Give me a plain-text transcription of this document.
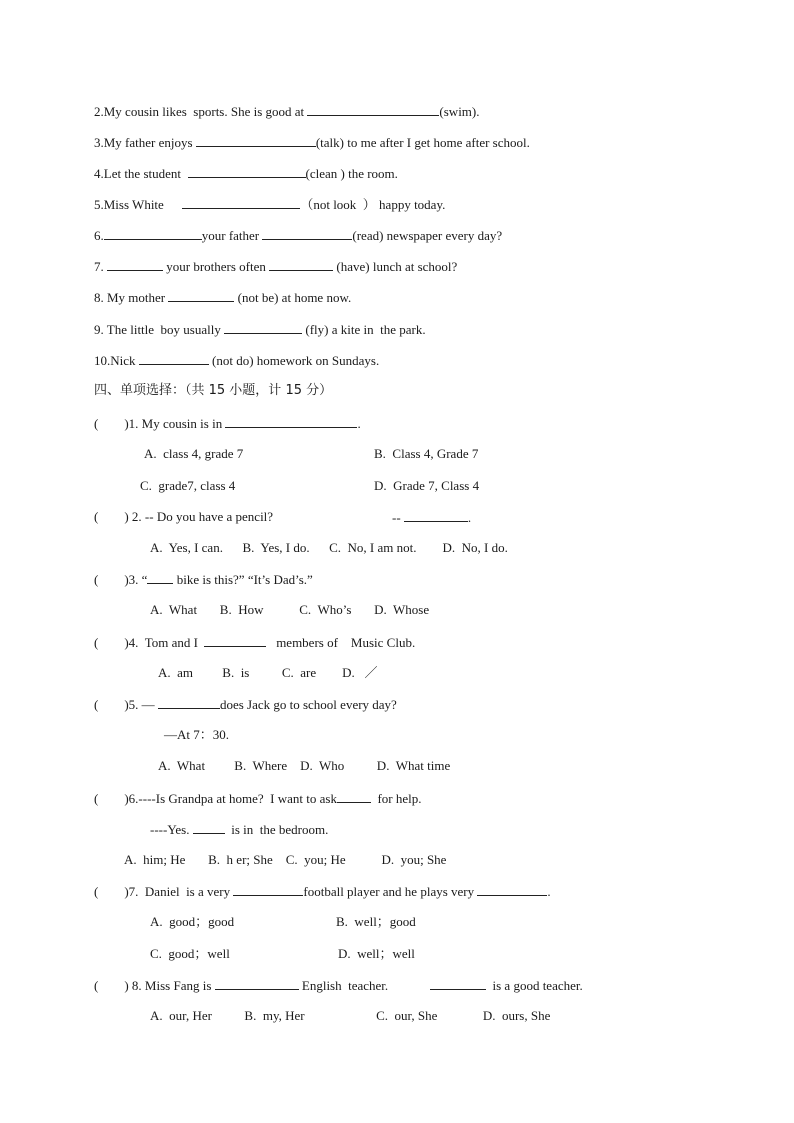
2.My cousin likes  sports. She is good at	(swim).
3.My father enjoys	(talk) to me after I get home after school.
4.Let the student	(clean ) the room.
5.Miss White	（not look  ） happy today.
6.	your father	(read) newspaper every day?
7.	your brothers often	(have) lunch at school?
8. My mother	(not be) at home now.
9. The little  boy usually	(fly) a kite in  the park.
10.Nick	(not do) homework on Sundays.
四、单项选择：（共 15 小题，计 15 分）
(        )1. My cousin is in	.
A.  class 4, grade 7	B.  Class 4, Grade 7
C.  grade7, class 4	D.  Grade 7, Class 4
(        ) 2. -- Do you have a pencil?	--	.
A.  Yes, I can.      B.  Yes, I do.      C.  No, I am not.        D.  No, I do.
(        )3. “ bike is this?” “It’s Dad’s.”
A.  What       B.  How           C.  Who’s       D.  Whose
(        )4.  Tom and I	members of    Music Club.
A.  am         B.  is          C.  are        D.   ／
(        )5. —	does Jack go to school every day?
—At 7：30.
A.  What         B.  Where    D.  Who          D.  What time
(        )6.----Is Grandpa at home?  I want to ask	for help.
----Yes.   is in  the bedroom.
A.  him; He       B.  h er; She    C.  you; He           D.  you; She
(        )7.  Daniel  is a very	football player and he plays very	.
A.  good；good	B.  well；good
C.  good；well	D.  well；well
(        ) 8. Miss Fang is	English  teacher.	is a good teacher.
A.  our, Her          B.  my, Her                      C.  our, She              D.  ours, She
